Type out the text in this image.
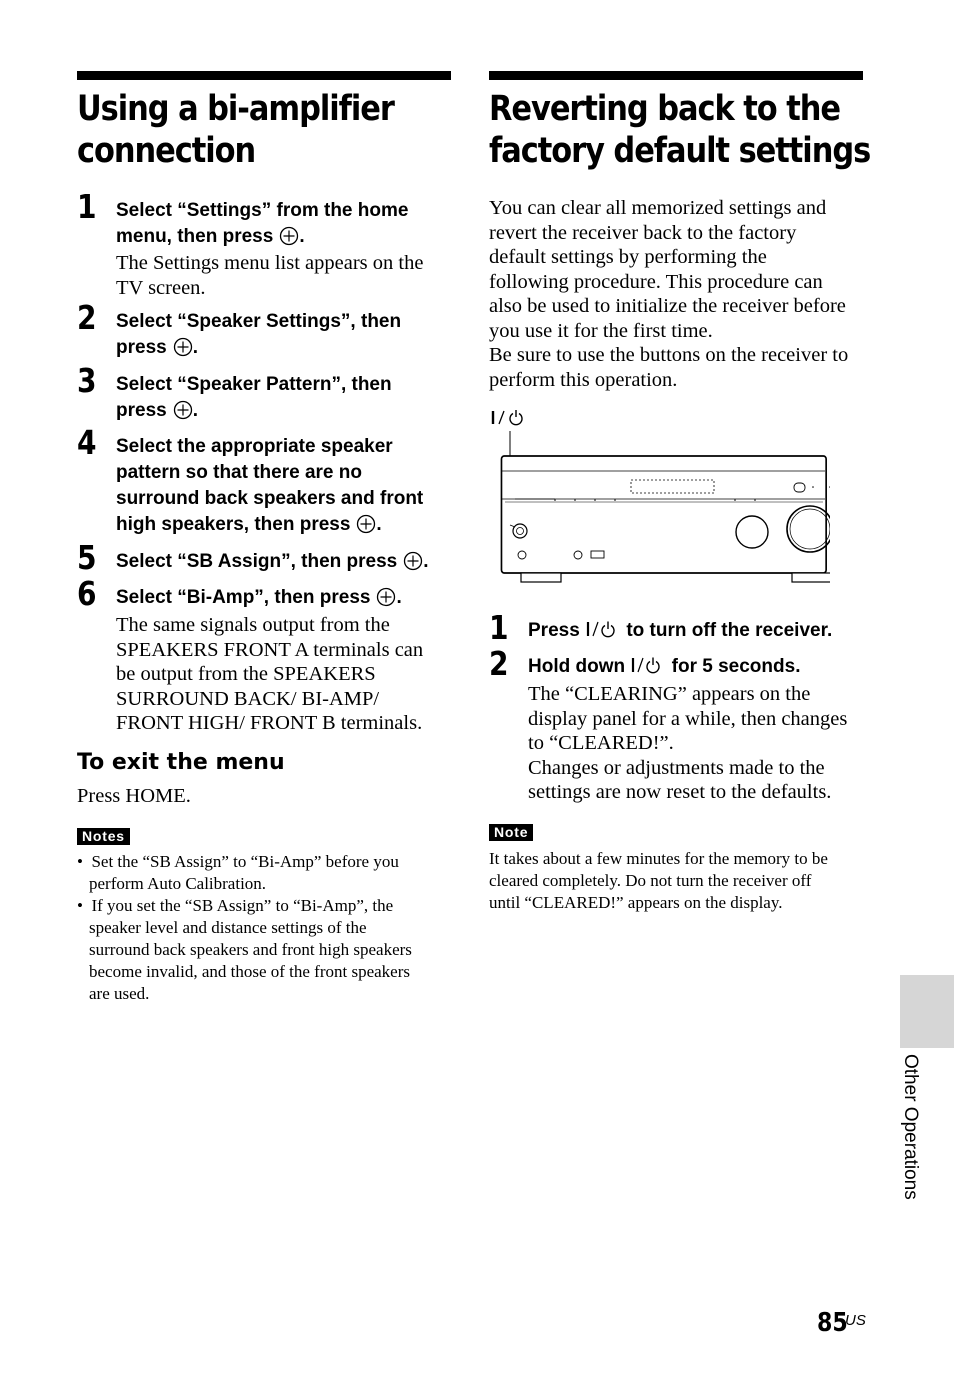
Using a bi-amplifier
connection
1 Select “Settings” from the home
menu, then press .
The Settings menu list appears on the
TV screen.
2 Select “Speaker Settings”, then
press .
3 Select “Speaker Pattern”, then
press .
4 Select the appropriate speaker
pattern so that there are no
surround back speakers and front
high speakers, then press .
5 Select “SB Assign”, then press .
6 Select “Bi-Amp”, then press .
The same signals output from the
SPEAKERS FRONT A terminals can
be output from the SPEAKERS
SURROUND BACK/ BI-AMP/
FRONT HIGH/ FRONT B terminals.
To exit the menu
Press HOME.
Notes
•  Set the “SB Assign” to “Bi-Amp” before you
perform Auto Calibration.
•  If you set the “SB Assign” to “Bi-Amp”, the
speaker level and distance settings of the
surround back speakers and front high speakers
become invalid, and those of the front speakers
are used.
Reverting back to the
factory default settings
You can clear all memorized settings and
revert the receiver back to the factory
default settings by performing the
following procedure. This procedure can
also be used to initialize the receiver before
you use it for the first time.
Be sure to use the buttons on the receiver to
perform this operation.
1 Press to turn off the receiver.
2 Hold down for 5 seconds.
The “CLEARING” appears on the
display panel for a while, then changes
to “CLEARED!”.
Changes or adjustments made to the
settings are now reset to the defaults.
Note
It takes about a few minutes for the memory to be
cleared completely. Do not turn the receiver off
until “CLEARED!” appears on the display.
Other Operations
85
US
